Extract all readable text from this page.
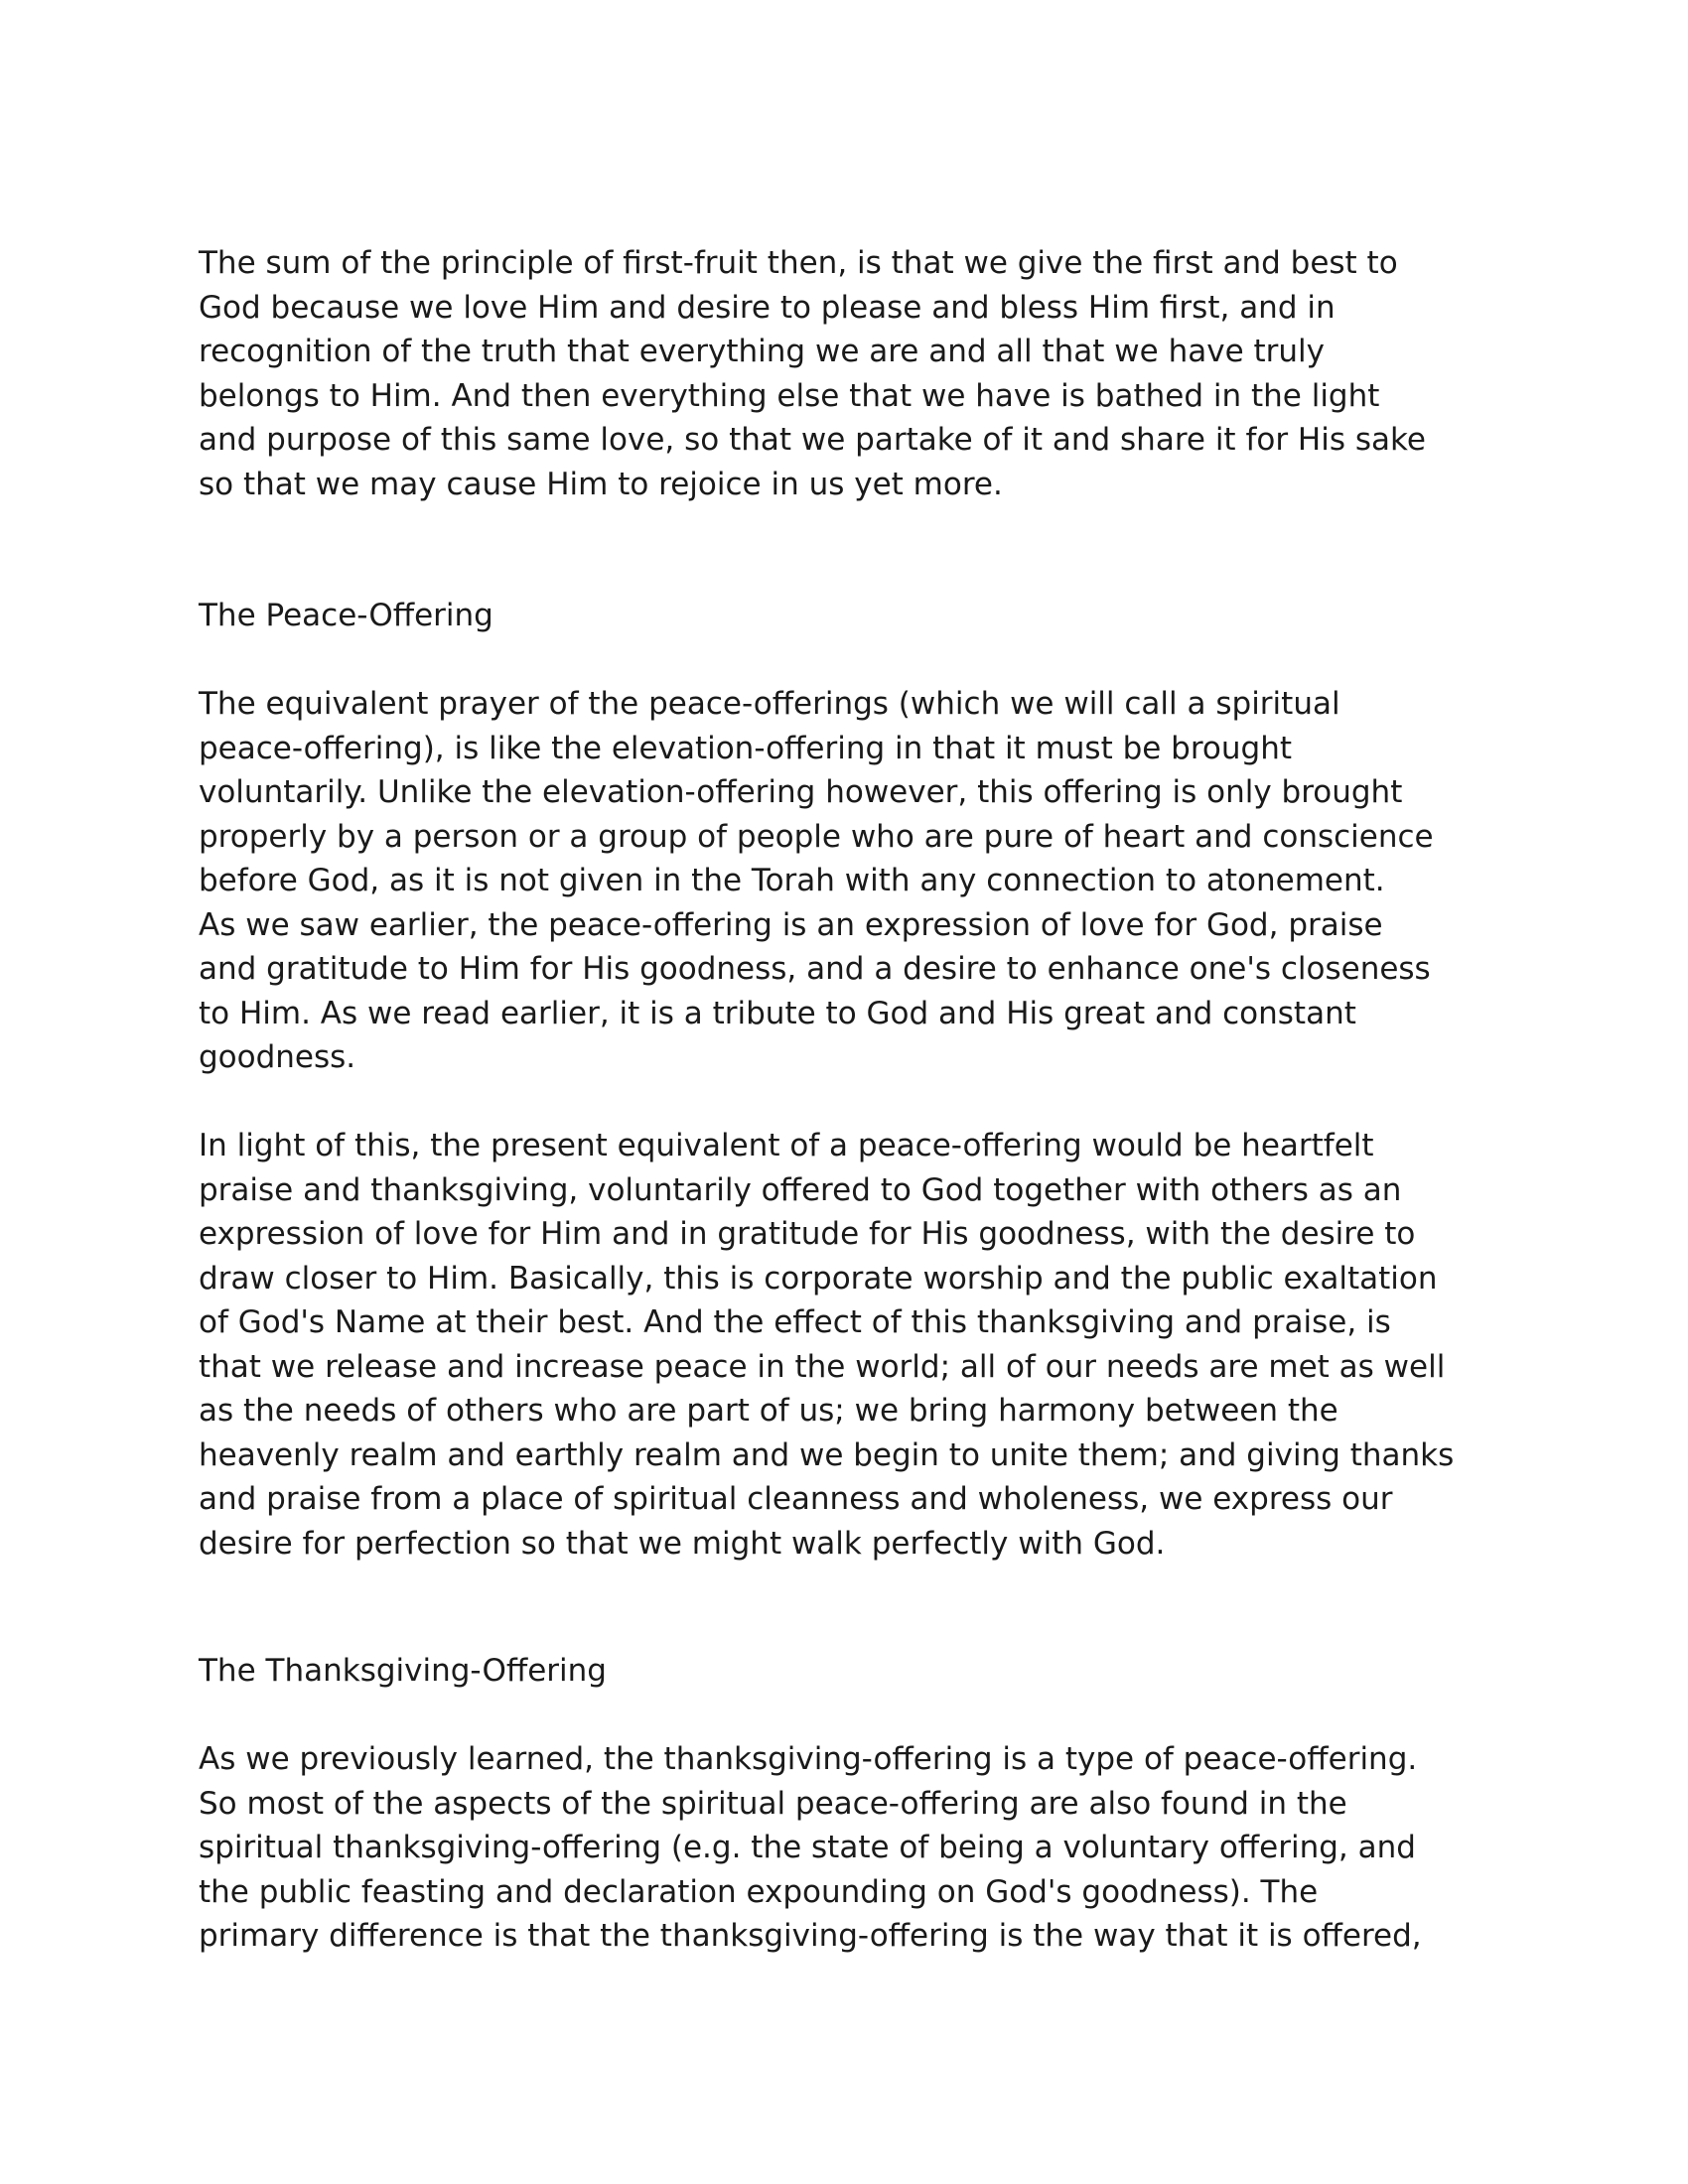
The sum of the principle of first-fruit then, is that we give the first and best to
God because we love Him and desire to please and bless Him first, and in
recognition of the truth that everything we are and all that we have truly
belongs to Him. And then everything else that we have is bathed in the light
and purpose of this same love, so that we partake of it and share it for His sake
so that we may cause Him to rejoice in us yet more.
The Peace-Offering
The equivalent prayer of the peace-offerings (which we will call a spiritual
peace-offering), is like the elevation-offering in that it must be brought
voluntarily. Unlike the elevation-offering however, this offering is only brought
properly by a person or a group of people who are pure of heart and conscience
before God, as it is not given in the Torah with any connection to atonement.
As we saw earlier, the peace-offering is an expression of love for God, praise
and gratitude to Him for His goodness, and a desire to enhance one's closeness
to Him. As we read earlier, it is a tribute to God and His great and constant
goodness.
In light of this, the present equivalent of a peace-offering would be heartfelt
praise and thanksgiving, voluntarily offered to God together with others as an
expression of love for Him and in gratitude for His goodness, with the desire to
draw closer to Him. Basically, this is corporate worship and the public exaltation
of God's Name at their best. And the effect of this thanksgiving and praise, is
that we release and increase peace in the world; all of our needs are met as well
as the needs of others who are part of us; we bring harmony between the
heavenly realm and earthly realm and we begin to unite them; and giving thanks
and praise from a place of spiritual cleanness and wholeness, we express our
desire for perfection so that we might walk perfectly with God.
The Thanksgiving-Offering
As we previously learned, the thanksgiving-offering is a type of peace-offering.
So most of the aspects of the spiritual peace-offering are also found in the
spiritual thanksgiving-offering (e.g. the state of being a voluntary offering, and
the public feasting and declaration expounding on God's goodness). The
primary difference is that the thanksgiving-offering is the way that it is offered,
